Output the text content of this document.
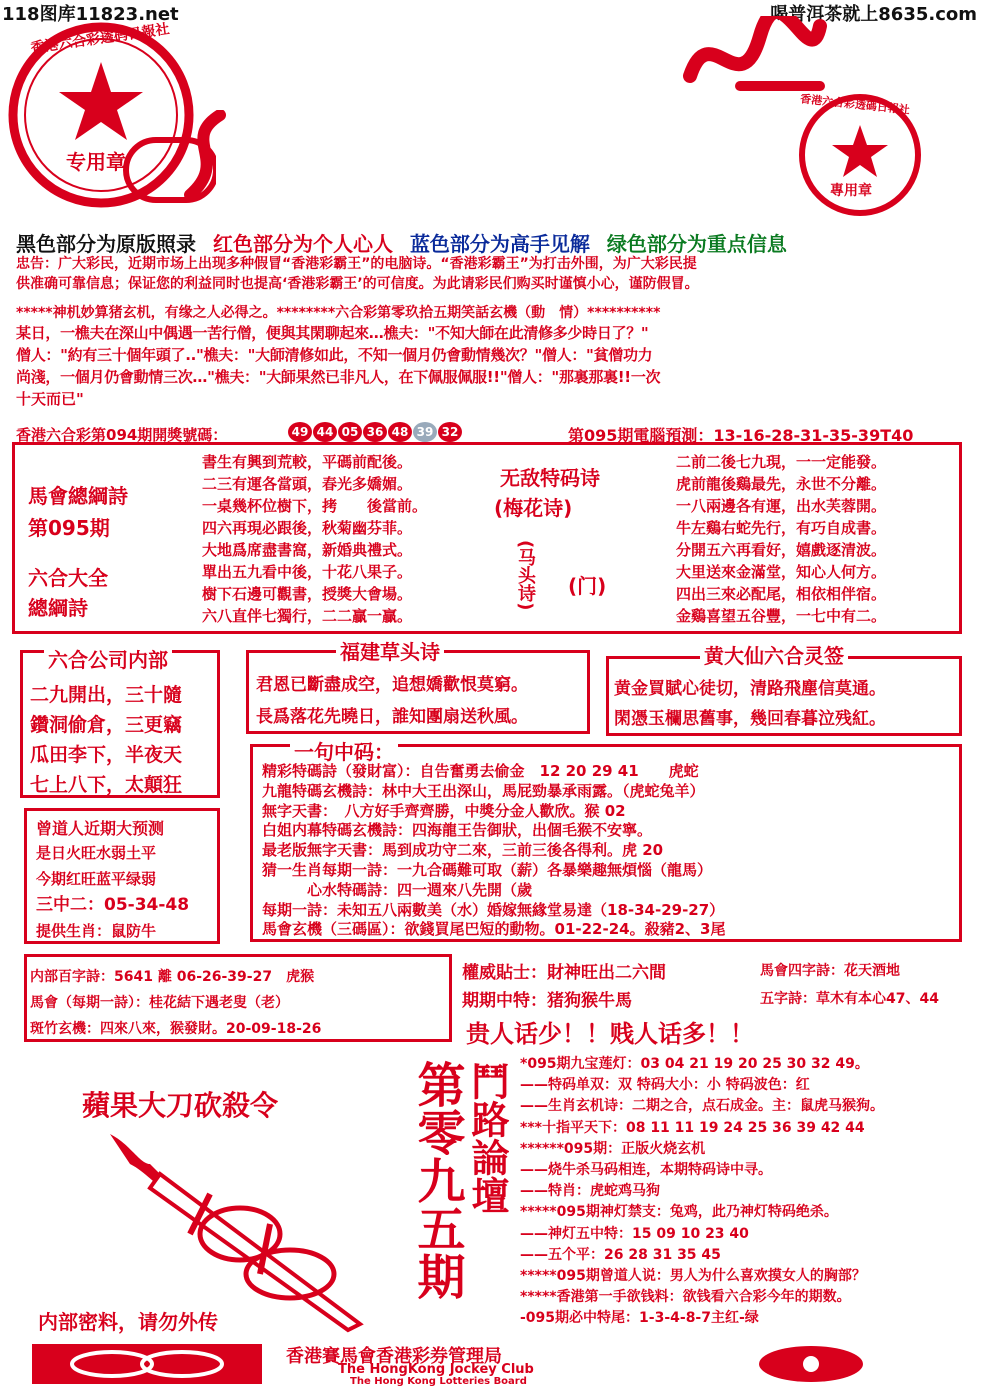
118图库11823.net	喝普洱茶就上8635.com
专用章
香港六合彩透码日報社
專用章
香港六合彩透碼日報社
黑色部分为原版照录 红色部分为个人心人 蓝色部分为高手见解 绿色部分为重点信息
忠告：广大彩民，近期市场上出现多种假冒“香港彩霸王”的电脑诗。“香港彩霸王”为打击外围，为广大彩民提
供准确可靠信息；保证您的利益同时也提高‘香港彩霸王’的可信度。为此请彩民们购买时谨慎小心，谨防假冒。
*****神机妙算猪玄机，有缘之人必得之。********六合彩第零玖拾五期笑話玄機（動　情）**********
某日，一樵夫在深山中偶遇一苦行僧，便與其閑聊起來…樵夫："不知大師在此清修多少時日了？"
僧人："約有三十個年頭了.."樵夫："大師清修如此，不知一個月仍會動情幾次？"僧人："貧僧功力
尚淺，一個月仍會動情三次…"樵夫："大師果然已非凡人，在下佩服佩服!!"僧人："那裏那裏!!一次
十天而已"
香港六合彩第094期開獎號碼：	49 44 05 36 48 39 32	第095期電腦預測：13-16-28-31-35-39T40
馬會總綱詩
第095期
六合大全
總綱詩
書生有興到荒較，平碼前配後。
二三有運各當頭，春光多嬌媚。
一桌幾杯位樹下，拷　　後當前。
四六再現必跟後，秋菊幽芬菲。
大地爲席盡書窩，新婚典禮式。
單出五九看中後，十花八果子。
樹下石邊可觀書，授獎大會場。
六八直伴七獨行，二二贏一贏。
无敌特码诗
(梅花诗)
(马头诗) (门)
二前二後七九現，一一定能發。
虎前龍後鷄最先，永世不分離。
一八兩邊各有運，出水芙蓉開。
牛左鷄右蛇先行，有巧自成書。
分開五六再看好，嬉戲逐清波。
大里送來金滿堂，知心人何方。
四出三來必配尾，相依相伴宿。
金鷄喜望五谷豐，一七中有二。
六合公司内部
二九開出，三十隨
鑽洞偷倉，三更竊
瓜田李下，半夜天
七上八下，太顛狂
福建草头诗
君恩已斷盡成空，追想嬌歡恨莫窮。
長爲落花先曉日，誰知團扇送秋風。
黄大仙六合灵签
黄金買賦心徒切，清路飛塵信莫通。
閑憑玉欄思舊事，幾回春暮泣残紅。
一句中码：
精彩特碼詩（發財富）：自告奮勇去偷金　12 20 29 41　　虎蛇
九龍特碼玄機詩：林中大王出深山，馬屁勁暴承雨露。（虎蛇兔羊）
無字天書：　八方好手齊齊勝，中獎分金人歡欣。猴 02
白姐内幕特碼玄機詩：四海龍王告御狀，出個毛猴不安寧。
最老版無字天書：馬到成功守二來，三前三後各得利。虎 20
猜一生肖每期一詩：一九合碼難可取（薪）各暴樂趣無煩惱（龍馬）
　　　心水特碼詩：四一週來八先開（歲
每期一詩：未知五八兩數美（水）婚嫁無緣堂易達（18-34-29-27）
馬會玄機（三碼區）：欲錢買尾巴短的動物。01-22-24。殺豬2、3尾
曾道人近期大预测
是日火旺水弱土平
今期红旺蓝平绿弱
三中二：05-34-48
提供生肖：鼠防牛
内部百字詩：5641 離 06-26-39-27　虎猴
馬會（每期一詩）：桂花結下遇老叟（老）
斑竹玄機：四來八來，猴發財。20-09-18-26
權威貼士：財神旺出二六間	馬會四字詩：花天酒地
期期中特：猪狗猴牛馬	五字詩：草木有本心47、44
贵人话少！！贱人话多！！
蘋果大刀砍殺令
内部密料，请勿外传
第零九五期 鬥路論壇 *095期九宝莲灯：03 04 21 19 20 25 30 32 49。
——特码单双：双 特码大小：小 特码波色：红
——生肖玄机诗：二期之合，点石成金。主：鼠虎马猴狗。
***十指平天下：08 11 11 19 24 25 36 39 42 44
******095期：正版火烧玄机
——烧牛杀马码相连，本期特码诗中寻。
——特肖：虎蛇鸡马狗
*****095期神灯禁支：兔鸡，此乃神灯特码绝杀。
——神灯五中特：15 09 10 23 40
——五个平：26 28 31 35 45
*****095期曾道人说：男人为什么喜欢摸女人的胸部？
*****香港第一手欲钱料：欲钱看六合彩今年的期数。
-095期必中特尾：1-3-4-8-7主红-绿
香港賽馬會香港彩券管理局
The HongKong Jockey Club
The Hong Kong Lotteries Board
